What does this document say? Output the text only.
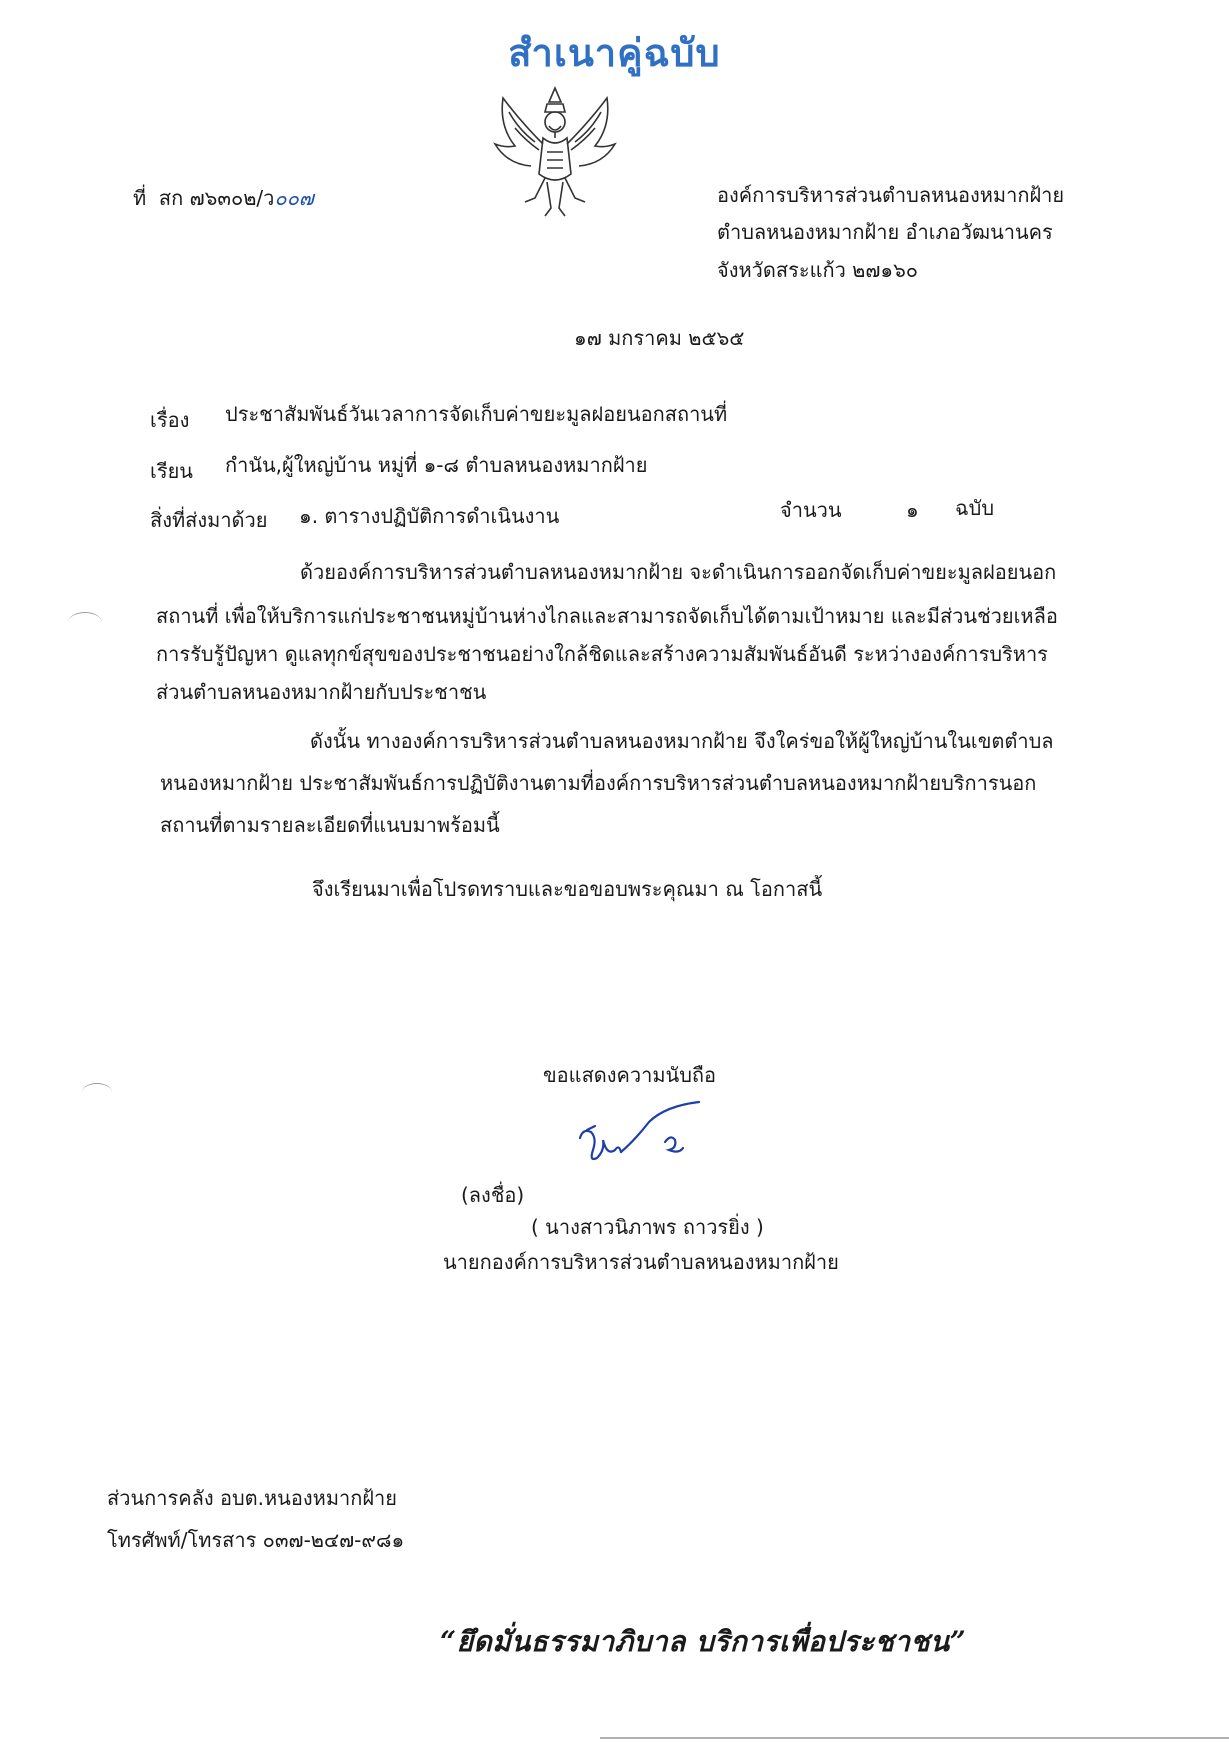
สำเนาคู่ฉบับ
ที่ สก ๗๖๓๐๒/ว๐๐๗	องค์การบริหารส่วนตำบลหนองหมากฝ้าย
ตำบลหนองหมากฝ้าย อำเภอวัฒนานคร
จังหวัดสระแก้ว ๒๗๑๖๐
๑๗ มกราคม ๒๕๖๕
เรื่อง ประชาสัมพันธ์วันเวลาการจัดเก็บค่าขยะมูลฝอยนอกสถานที่
เรียน กำนัน,ผู้ใหญ่บ้าน หมู่ที่ ๑-๘ ตำบลหนองหมากฝ้าย
สิ่งที่ส่งมาด้วย ๑. ตารางปฏิบัติการดำเนินงาน	จำนวน	๑ ฉบับ
ด้วยองค์การบริหารส่วนตำบลหนองหมากฝ้าย จะดำเนินการออกจัดเก็บค่าขยะมูลฝอยนอก
สถานที่ เพื่อให้บริการแก่ประชาชนหมู่บ้านห่างไกลและสามารถจัดเก็บได้ตามเป้าหมาย และมีส่วนช่วยเหลือ
การรับรู้ปัญหา ดูแลทุกข์สุขของประชาชนอย่างใกล้ชิดและสร้างความสัมพันธ์อันดี ระหว่างองค์การบริหาร
ส่วนตำบลหนองหมากฝ้ายกับประชาชน
ดังนั้น ทางองค์การบริหารส่วนตำบลหนองหมากฝ้าย จึงใคร่ขอให้ผู้ใหญ่บ้านในเขตตำบล
หนองหมากฝ้าย ประชาสัมพันธ์การปฏิบัติงานตามที่องค์การบริหารส่วนตำบลหนองหมากฝ้ายบริการนอก
สถานที่ตามรายละเอียดที่แนบมาพร้อมนี้
จึงเรียนมาเพื่อโปรดทราบและขอขอบพระคุณมา ณ โอกาสนี้
ขอแสดงความนับถือ
(ลงชื่อ)
( นางสาวนิภาพร ถาวรยิ่ง )
นายกองค์การบริหารส่วนตำบลหนองหมากฝ้าย
ส่วนการคลัง อบต.หนองหมากฝ้าย
โทรศัพท์/โทรสาร ๐๓๗-๒๔๗-๙๘๑
“ยึดมั่นธรรมาภิบาล บริการเพื่อประชาชน”
